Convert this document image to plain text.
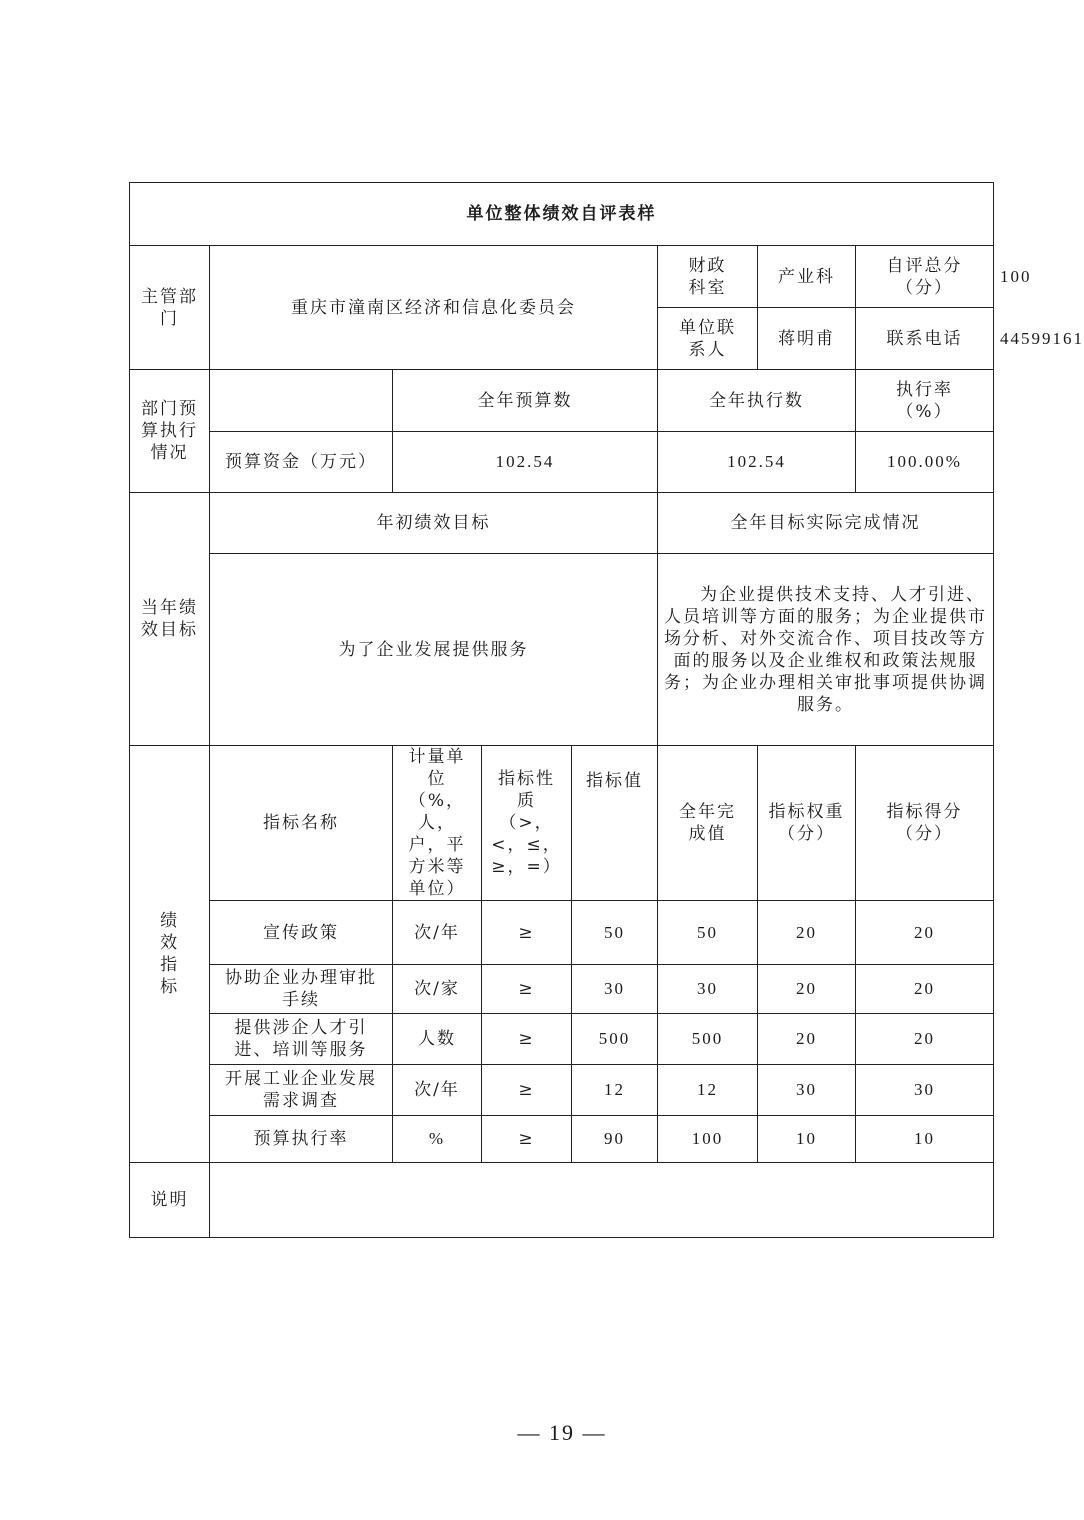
单位整体绩效自评表样								
主管部门	重庆市潼南区经济和信息化委员会				财政科室	产业科	自评总分（分）	100
					单位联系人	蒋明甫	联系电话	44599161
部门预算执行情况		全年预算数			全年执行数		执行率（%）	
	预算资金（万元）	102.54			102.54		100.00%	
当年绩效目标	年初绩效目标				全年目标实际完成情况			
	为了企业发展提供服务				为企业提供技术支持、人才引进、人员培训等方面的服务；为企业提供市场分析、对外交流合作、项目技改等方面的服务以及企业维权和政策法规服务；为企业办理相关审批事项提供协调服务。			
绩效指标	指标名称	计量单位（%，人，户，平方米等单位）	指标性质（>，<，≤，≥，=）	指标值	全年完成值	指标权重（分）	指标得分（分）	
	宣传政策	次/年	≥	50	50	20	20	
	协助企业办理审批手续	次/家	≥	30	30	20	20	
	提供涉企人才引进、培训等服务	人数	≥	500	500	20	20	
	开展工业企业发展需求调查	次/年	≥	12	12	30	30	
	预算执行率	%	≥	90	100	10	10	
说明								
— 19 —
